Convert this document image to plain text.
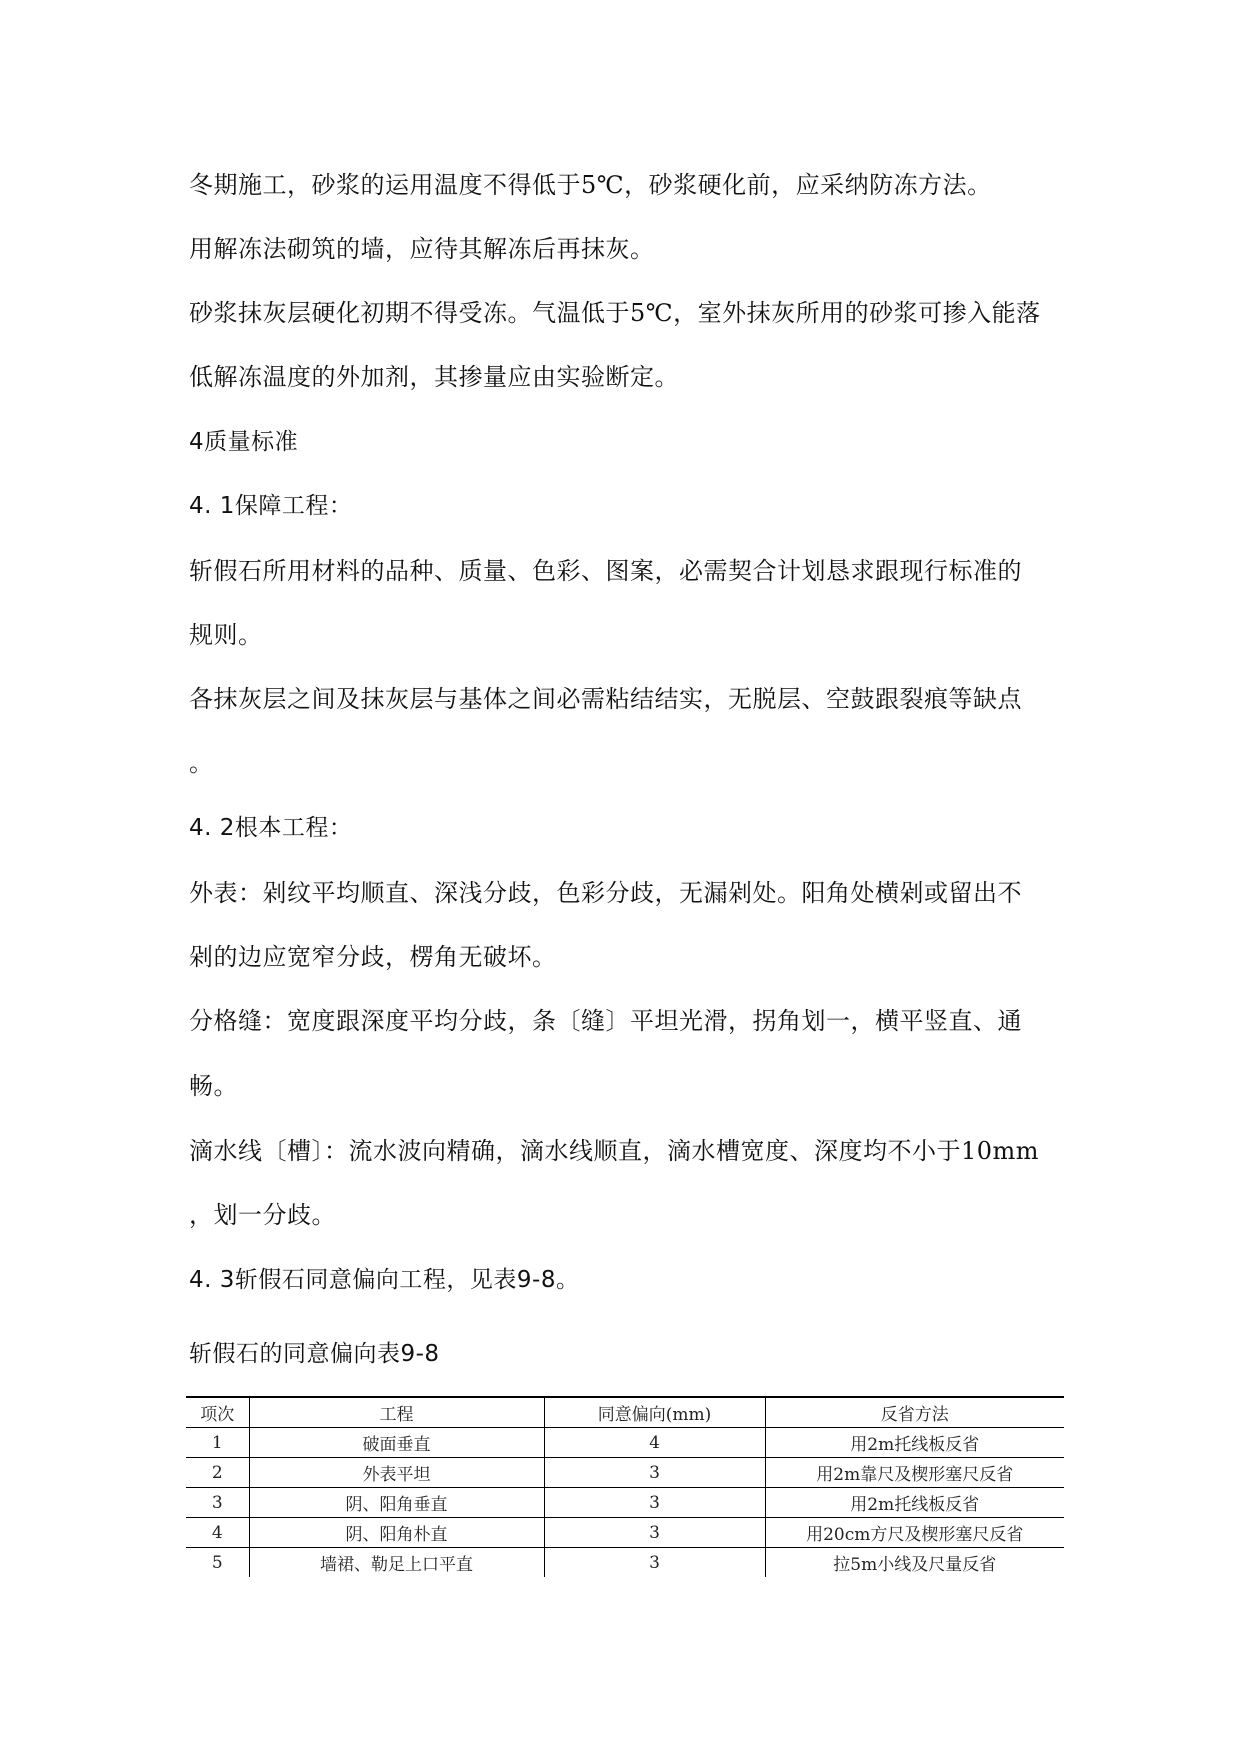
冬期施工，砂浆的运用温度不得低于5℃，砂浆硬化前，应采纳防冻方法。
用解冻法砌筑的墙，应待其解冻后再抹灰。
砂浆抹灰层硬化初期不得受冻。气温低于5℃，室外抹灰所用的砂浆可掺入能落
低解冻温度的外加剂，其掺量应由实验断定。
4质量标准
4. 1保障工程：
斩假石所用材料的品种、质量、色彩、图案，必需契合计划恳求跟现行标准的
规则。
各抹灰层之间及抹灰层与基体之间必需粘结结实，无脱层、空鼓跟裂痕等缺点
。
4. 2根本工程：
外表：剁纹平均顺直、深浅分歧，色彩分歧，无漏剁处。阳角处横剁或留出不
剁的边应宽窄分歧，楞角无破坏。
分格缝：宽度跟深度平均分歧，条〔缝〕平坦光滑，拐角划一，横平竖直、通
畅。
滴水线〔槽〕：流水波向精确，滴水线顺直，滴水槽宽度、深度均不小于10mm
，划一分歧。
4. 3斩假石同意偏向工程，见表9-8。
斩假石的同意偏向表9-8
项次	工程	同意偏向(mm)	反省方法
1	破面垂直	4	用2m托线板反省
2	外表平坦	3	用2m靠尺及楔形塞尺反省
3	阴、阳角垂直	3	用2m托线板反省
4	阴、阳角朴直	3	用20cm方尺及楔形塞尺反省
5	墙裙、勒足上口平直	3	拉5m小线及尺量反省
